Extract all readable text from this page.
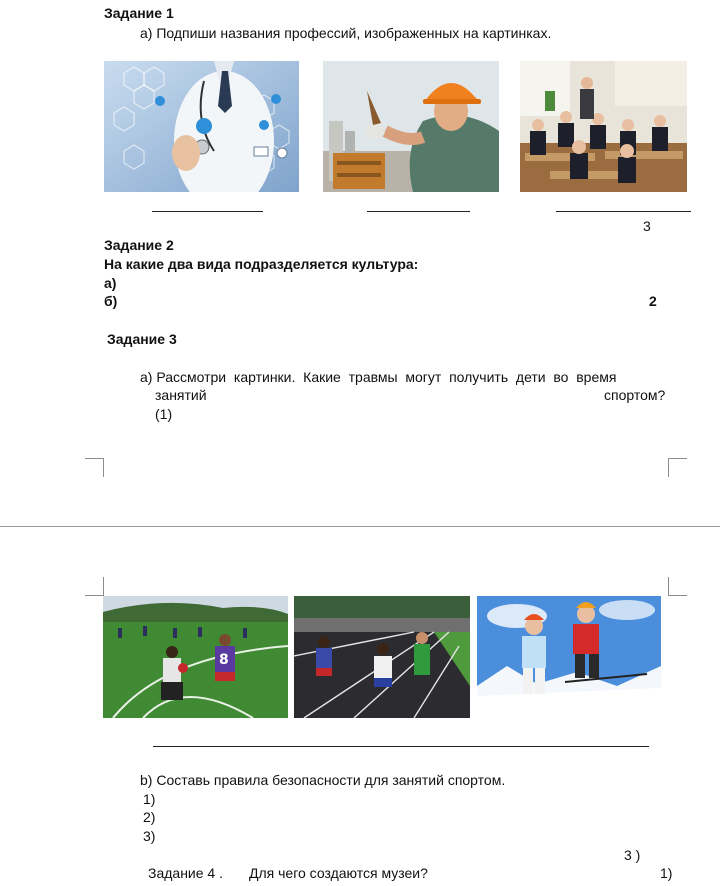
Задание 1
а) Подпиши названия профессий, изображенных на картинках.
3
Задание 2
На какие два вида подразделяется культура:
а)
б)	2
Задание 3
а) Рассмотри  картинки.  Какие  травмы  могут  получить  дети  во  время
занятий	спортом?
(1)
8
b) Составь правила безопасности для занятий спортом.
1)
2)
3)
3 )
Задание 4 . Для чего создаются музеи?	1)
